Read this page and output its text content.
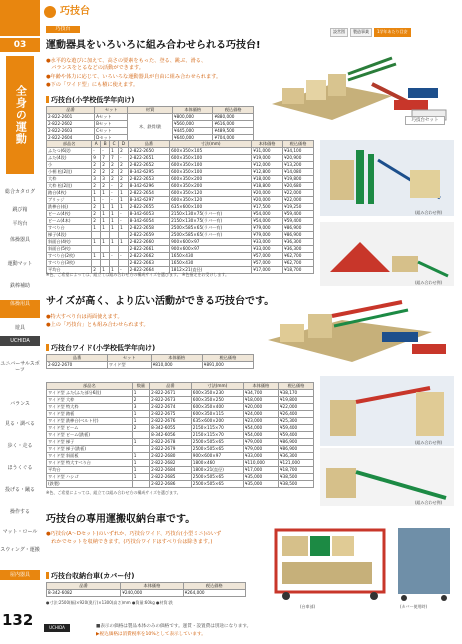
03
全身の運動
総合カタログ
跳び箱
平均台
体操器具
運動マット
鉄棒補助
体操用具
遊具
UCHIDA
ユニバーサルスポーツ
バランス
見る・調べる
歩く・走る
ほうくぐる
投げる・蹴る
操作する
マット・ロール
スウィング・運搬
屋内器具
132	UCHIDA
巧技台
巧技台	設営図	製造事業	1学年あたり目安
運動器具をいろいろに組み合わせられる巧技台!
●水平的な遊びに加えて、高さの要素をもった、登る、跳ぶ、滑る、
　バランスをとるなどの活動ができます。
●年齢や体力に応じて、いろいろな運動器具が自由に組み合わせられます。
●下の「ワイド型」にも積に使えます。
巧技台(小学校低学年向け)
品番	セット	材質	本体価格	税込価格
2-822-2601	Aセット	木、鉄骨/鉄	¥800,000	¥880,000
2-822-2602	Bセット		¥560,000	¥616,000
2-822-2603	Cセット		¥445,000	¥489,500
2-822-2604	Dセット		¥640,000	¥704,000
巧技台セット
部品名	A	B	C	D	品番	寸法(mm)	本体価格	税込価格
ふたつ(6段)	-	-	1	2	2-822-2650	600×350×105	¥31,000	¥34,100
ふた(4段)	9	7	7	-	2-822-2651	600×350×100	¥19,000	¥20,900
小	2	2	2	2	2-822-2652	600×350×100	¥12,000	¥13,200
小柄 松(2段)	2	2	2	2	8-342-6295	600×350×100	¥12,800	¥14,080
大枠	3	3	2	2	2-822-2653	600×350×200	¥18,000	¥19,800
大枠 松(2段)	2	2	-	2	8-342-6296	600×350×200	¥18,800	¥20,680
踏台(4枚)	1	1	-	1	2-822-2654	600×350×120	¥20,000	¥22,000
ブリッジ	1	-	-	1	8-342-6297	600×350×120	¥20,000	¥22,000
鉄棒台(低)	2	1	1	1	2-822-2655	635×600×100	¥17,500	¥19,250
ビーム(4枚)	2	1	1	-	8-342-6053	2150×130×75(ラバー有)	¥54,000	¥59,400
ビーム(4本)	2	1	1	-	8-342-6054	2150×130×75(ラバー有)	¥54,000	¥59,400
すべり台	1	1	1	1	2-822-2658	2500×585×65(ラバー有)	¥79,000	¥86,900
梯子(4段)					2-822-2659	2500×585×65(ラバー有)	¥79,000	¥86,900
斜面台(4枚)	1	1	1	1	2-822-2660	900×600×97	¥33,000	¥36,300
斜面台(5枚)					2-822-2661	900×600×97	¥33,000	¥36,300
すべり台(2枚)	1	1	-	-	2-822-2662	1650×430	¥57,000	¥62,700
すべり台(3枚)					2-822-2663	1650×430	¥57,000	¥62,700
平均台	2	1	1	-	2-822-2664	1812×21(直径)	¥17,000	¥18,700
※色、ご希望によっては、組立ては組み合わせ方の構成サイズを選びます。 ※色指定をお受けします。
(組み合わせ例)
(組み合わせ例)
サイズが高く、より広い活動ができる巧技台です。
●特大すべり台は両面使えます。
●上の「巧技台」とも組み合わせられます。
巧技台ワイド(小学校低学年向け)
品番	セット	本体価格	税込価格
2-822-2670	ワイド型	¥810,000	¥891,000
部品名	数量	品番	寸法(mm)	本体価格	税込価格
ワイド型 ふた(ふた部分6段)	1	2-822-2671	600×350×230	¥34,700	¥38,170
ワイド型 大枠	2	2-822-2673	600×350×250	¥18,000	¥19,800
ワイド型 特大枠	3	2-822-2674	600×350×400	¥20,000	¥22,000
ワイド型 踏板	1	2-822-2675	600×350×115	¥24,000	¥26,400
ワイド型 鉄棒台(ベルト付)	1	2-822-2676	635×600×200	¥23,000	¥25,300
ワイド型 ビーム	2	8-342-6055	2150×115×70	¥54,000	¥59,400
ワイド型 ビーム(鉄板)		8-342-6056	2150×115×70	¥54,000	¥59,400
ワイド型 梯子	1	2-822-2678	2500×505×65	¥79,000	¥86,900
ワイド型 梯子(鉄板)		2-822-2679	2500×505×65	¥79,000	¥86,900
ワイド型 斜面板	1	2-822-2680	900×600×97	¥33,000	¥36,300
ワイド型 特大すべり台	1	2-822-2682	1800×460	¥110,000	¥121,000
平均台	1	2-822-2684	1800×21(直径)	¥17,000	¥18,700
ワイド型 ハシゴ	1	2-822-2685	2500×505×65	¥35,000	¥38,500
(鉄製)		2-822-2686	2500×505×65	¥35,000	¥38,500
※色、ご希望によっては、組立ては組み合わせ方の構成サイズを選びます。
(組み合わせ例)
(組み合わせ例)
巧技台の専用運搬収納台車です。
●巧技台(A〜Dセット)のいずれか、巧技台ワイド、巧技台(小型ミニ)のいず
　れかでセットを収納できます。(巧技台ワイドはすべり台は除きます。)
(台車部)	(カバー使用時)
巧技台収納台車(カバー付)
品番	本体価格	税込価格
8-342-6082	¥240,000	¥264,000
●寸法:2500(幅)×920(奥行)×1300(高さ)mm ●質量:60kg ●材質:鉄
■表示の価格は製品本体のみの価格です。運賃・設置費は別途になります。
▶税込価格は消費税率を10%として表示しています。
